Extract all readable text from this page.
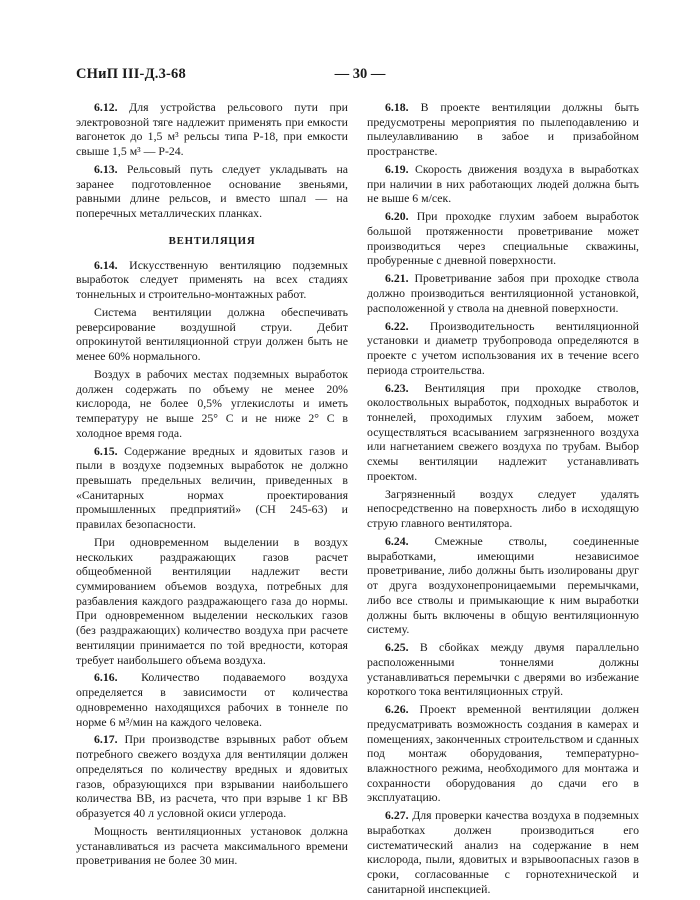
СНиП III-Д.3-68	— 30 —

6.12. Для устройства рельсового пути при электровозной тяге надлежит применять при емкости вагонеток до 1,5 м³ рельсы типа Р-18, при емкости свыше 1,5 м³ — Р-24.

6.13. Рельсовый путь следует укладывать на заранее подготовленное основание звеньями, равными длине рельсов, и вместо шпал — на поперечных металлических планках.

ВЕНТИЛЯЦИЯ

6.14. Искусственную вентиляцию подземных выработок следует применять на всех стадиях тоннельных и строительно-монтажных работ.

Система вентиляции должна обеспечивать реверсирование воздушной струи. Дебит опрокинутой вентиляционной струи должен быть не менее 60% нормального.

Воздух в рабочих местах подземных выработок должен содержать по объему не менее 20% кислорода, не более 0,5% углекислоты и иметь температуру не выше 25° С и не ниже 2° С в холодное время года.

6.15. Содержание вредных и ядовитых газов и пыли в воздухе подземных выработок не должно превышать предельных величин, приведенных в «Санитарных нормах проектирования промышленных предприятий» (СН 245-63) и правилах безопасности.

При одновременном выделении в воздух нескольких раздражающих газов расчет общеобменной вентиляции надлежит вести суммированием объемов воздуха, потребных для разбавления каждого раздражающего газа до нормы. При одновременном выделении нескольких газов (без раздражающих) количество воздуха при расчете вентиляции принимается по той вредности, которая требует наибольшего объема воздуха.

6.16. Количество подаваемого воздуха определяется в зависимости от количества одновременно находящихся рабочих в тоннеле по норме 6 м³/мин на каждого человека.

6.17. При производстве взрывных работ объем потребного свежего воздуха для вентиляции должен определяться по количеству вредных и ядовитых газов, образующихся при взрывании наибольшего количества ВВ, из расчета, что при взрыве 1 кг ВВ образуется 40 л условной окиси углерода.

Мощность вентиляционных установок должна устанавливаться из расчета максимального времени проветривания не более 30 мин.

6.18. В проекте вентиляции должны быть предусмотрены мероприятия по пылеподавлению и пылеулавливанию в забое и призабойном пространстве.

6.19. Скорость движения воздуха в выработках при наличии в них работающих людей должна быть не выше 6 м/сек.

6.20. При проходке глухим забоем выработок большой протяженности проветривание может производиться через специальные скважины, пробуренные с дневной поверхности.

6.21. Проветривание забоя при проходке ствола должно производиться вентиляционной установкой, расположенной у ствола на дневной поверхности.

6.22. Производительность вентиляционной установки и диаметр трубопровода определяются в проекте с учетом использования их в течение всего периода строительства.

6.23. Вентиляция при проходке стволов, околоствольных выработок, подходных выработок и тоннелей, проходимых глухим забоем, может осуществляться всасыванием загрязненного воздуха или нагнетанием свежего воздуха по трубам. Выбор схемы вентиляции надлежит устанавливать проектом.

Загрязненный воздух следует удалять непосредственно на поверхность либо в исходящую струю главного вентилятора.

6.24. Смежные стволы, соединенные выработками, имеющими независимое проветривание, либо должны быть изолированы друг от друга воздухонепроницаемыми перемычками, либо все стволы и примыкающие к ним выработки должны быть включены в общую вентиляционную систему.

6.25. В сбойках между двумя параллельно расположенными тоннелями должны устанавливаться перемычки с дверями во избежание короткого тока вентиляционных струй.

6.26. Проект временной вентиляции должен предусматривать возможность создания в камерах и помещениях, законченных строительством и сданных под монтаж оборудования, температурно-влажностного режима, необходимого для монтажа и сохранности оборудования до сдачи его в эксплуатацию.

6.27. Для проверки качества воздуха в подземных выработках должен производиться его систематический анализ на содержание в нем кислорода, пыли, ядовитых и взрывоопасных газов в сроки, согласованные с горнотехнической и санитарной инспекцией.
